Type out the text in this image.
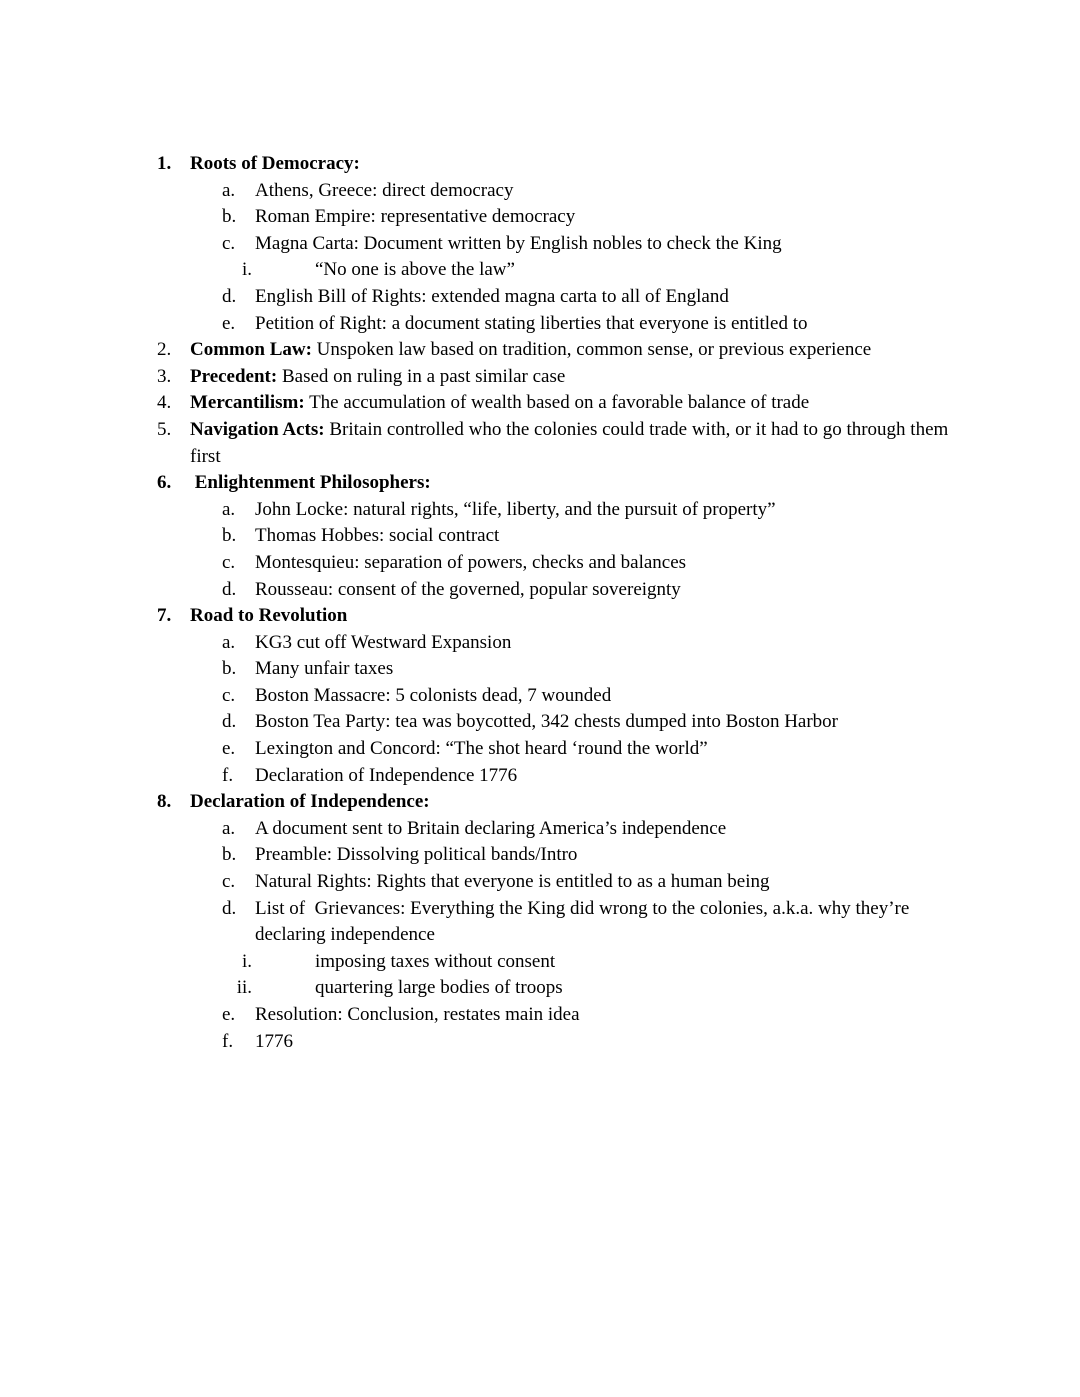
1. Roots of Democracy:
a.	Athens, Greece: direct democracy
b. Roman Empire: representative democracy
c.	Magna Carta: Document written by English nobles to check the King
i.	“No one is above the law”
d. English Bill of Rights: extended magna carta to all of England
e.	Petition of Right: a document stating liberties that everyone is entitled to
2. Common Law: Unspoken law based on tradition, common sense, or previous experience
3. Precedent: Based on ruling in a past similar case
4. Mercantilism: The accumulation of wealth based on a favorable balance of trade
5. Navigation Acts: Britain controlled who the colonies could trade with, or it had to go through them first
6. Enlightenment Philosophers:
a.	John Locke: natural rights, “life, liberty, and the pursuit of property”
b. Thomas Hobbes: social contract
c.	Montesquieu: separation of powers, checks and balances
d. Rousseau: consent of the governed, popular sovereignty
7. Road to Revolution
a.	KG3 cut off Westward Expansion
b. Many unfair taxes
c.	Boston Massacre: 5 colonists dead, 7 wounded
d. Boston Tea Party: tea was boycotted, 342 chests dumped into Boston Harbor
e.	Lexington and Concord: “The shot heard ‘round the world”
f.	Declaration of Independence 1776
8. Declaration of Independence:
a.	A document sent to Britain declaring America’s independence
b. Preamble: Dissolving political bands/Intro
c.	Natural Rights: Rights that everyone is entitled to as a human being
d. List of  Grievances: Everything the King did wrong to the colonies, a.k.a. why they’re declaring independence
i.	imposing taxes without consent
ii.	quartering large bodies of troops
e.	Resolution: Conclusion, restates main idea
f.	1776
